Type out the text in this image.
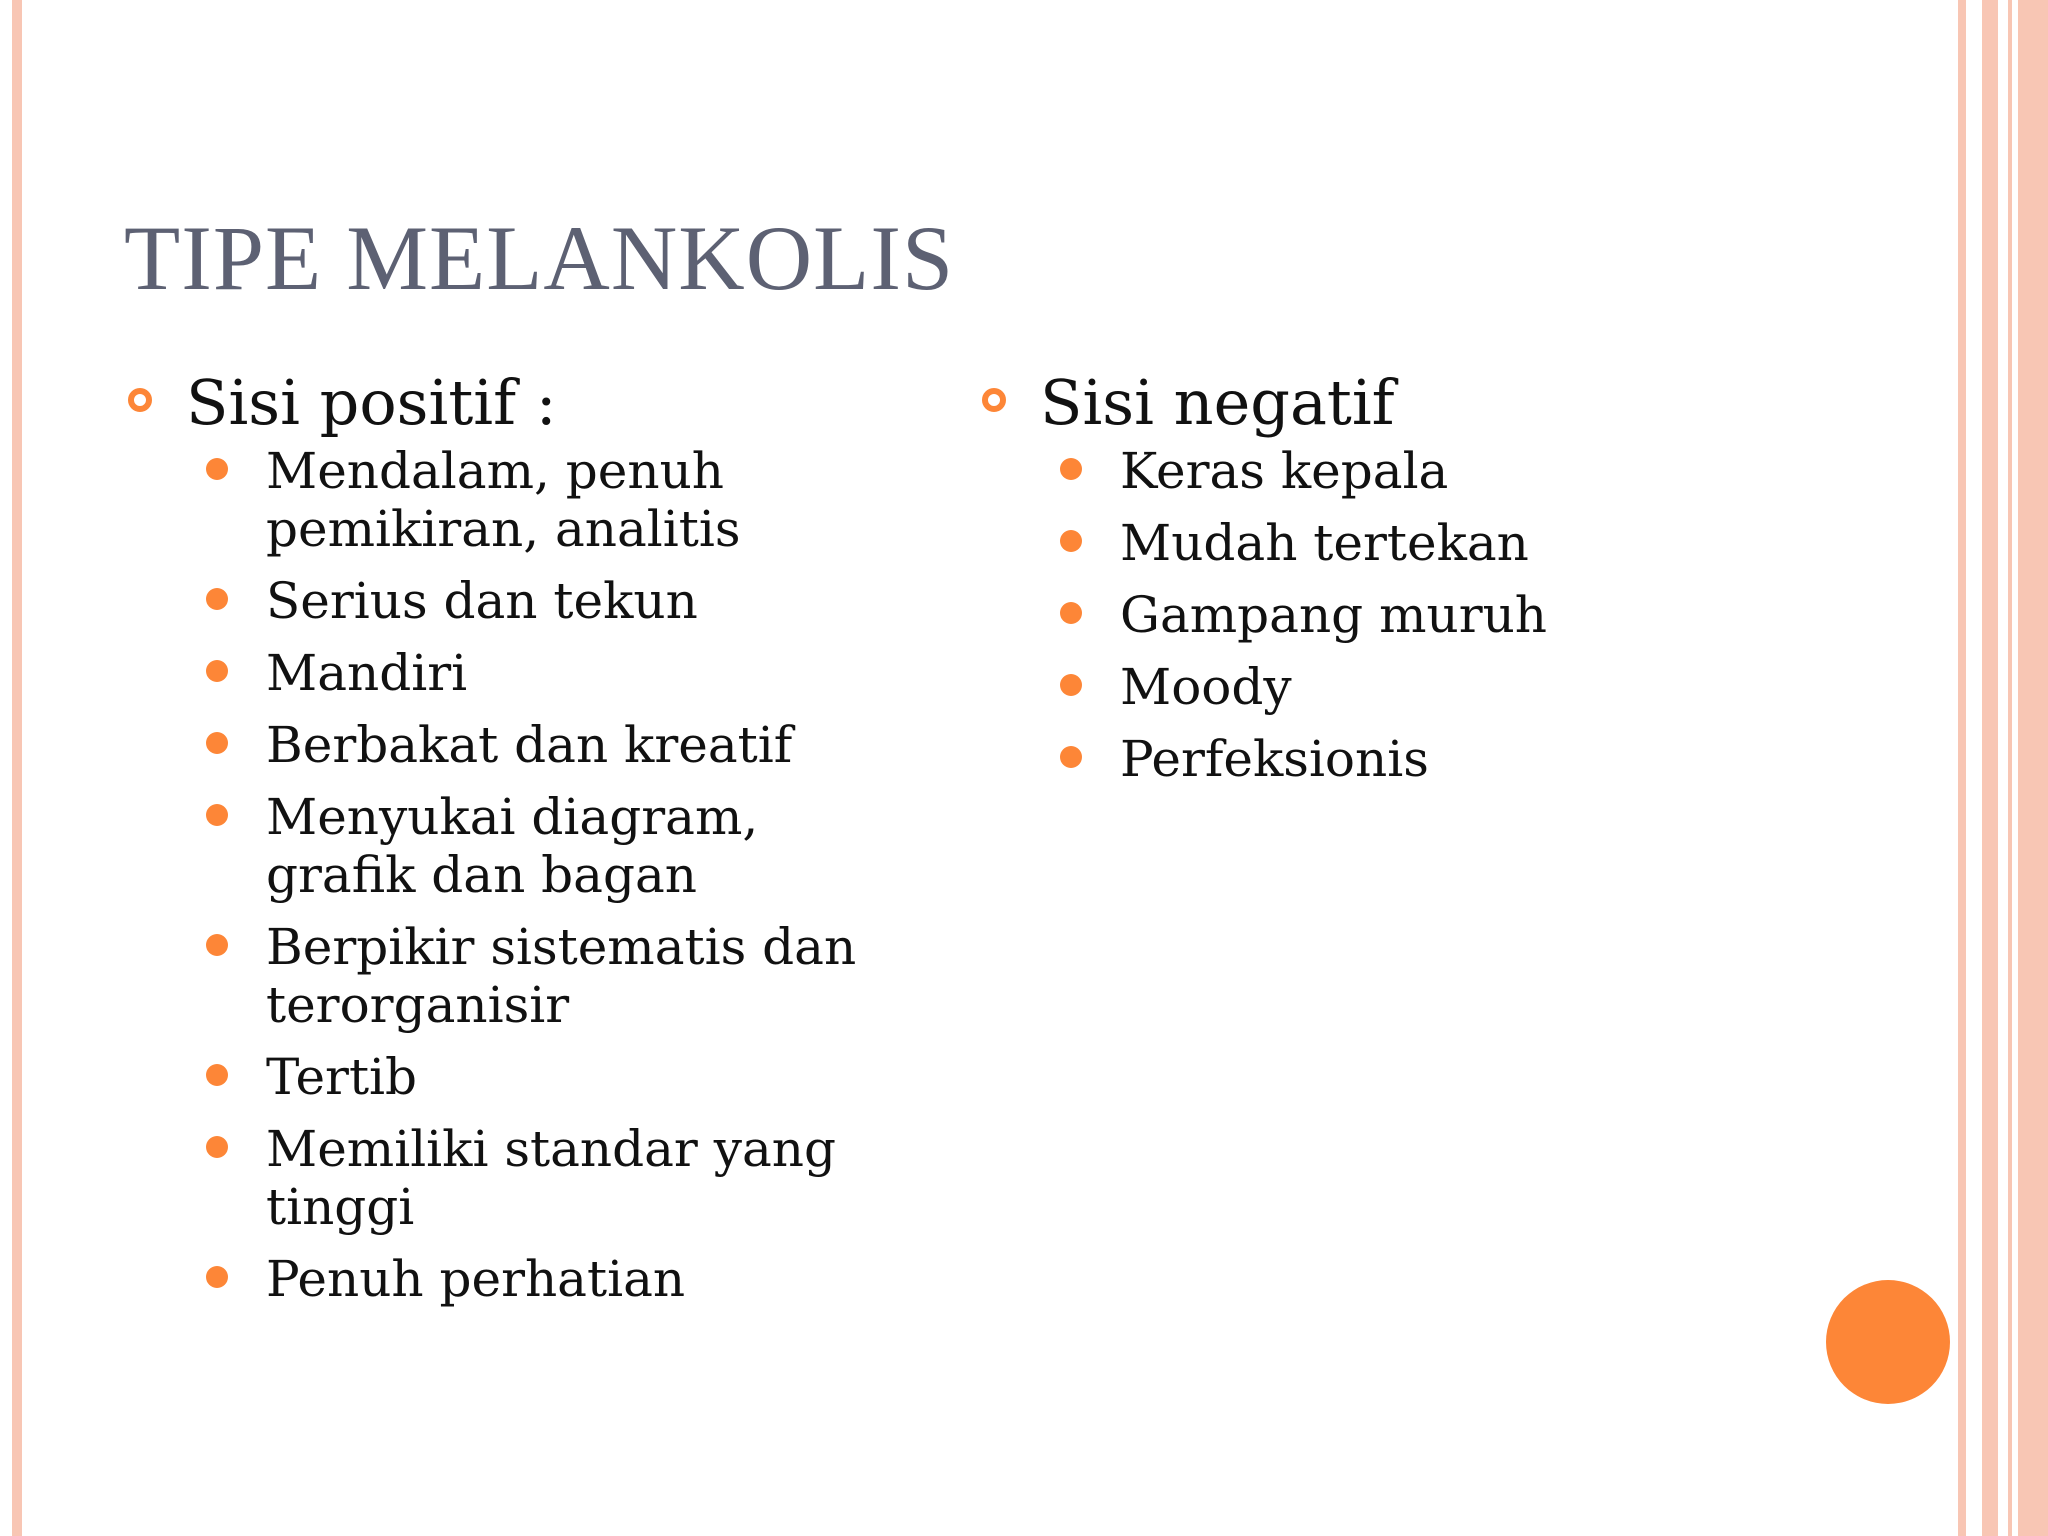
TIPE MELANKOLIS
Sisi positif :
Mendalam, penuh pemikiran, analitis
Serius dan tekun
Mandiri
Berbakat dan kreatif
Menyukai diagram, grafik dan bagan
Berpikir sistematis dan terorganisir
Tertib
Memiliki standar yang tinggi
Penuh perhatian
Sisi negatif
Keras kepala
Mudah tertekan
Gampang muruh
Moody
Perfeksionis
